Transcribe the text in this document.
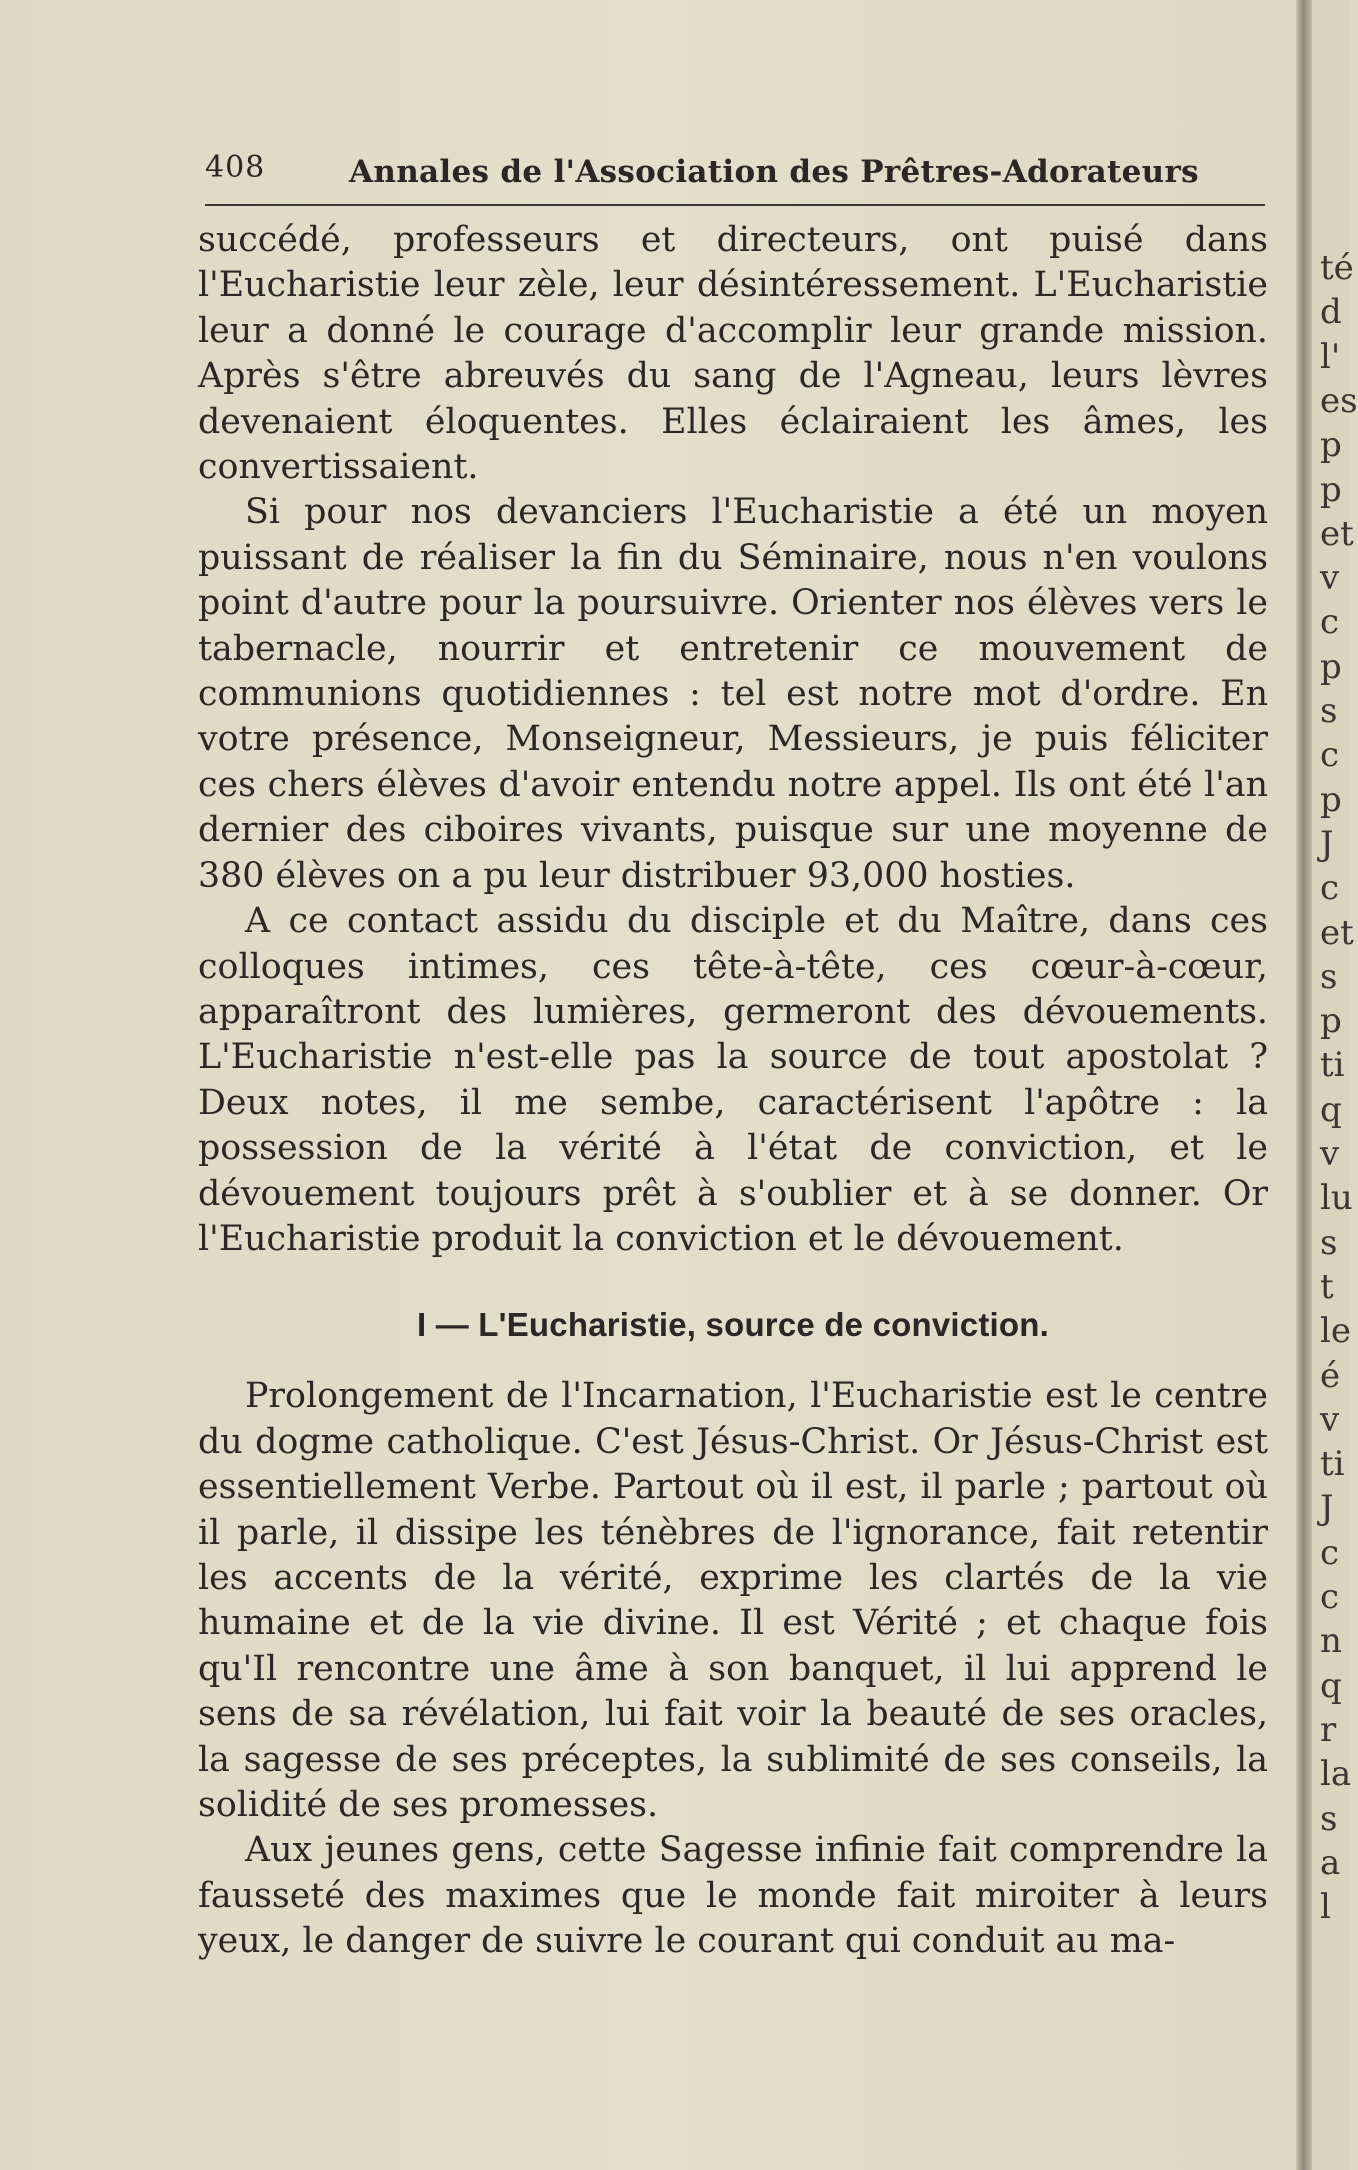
408	Annales de l'Association des Prêtres-Adorateurs

succédé, professeurs et directeurs, ont puisé dans l'Eucharistie leur zèle, leur désintéressement. L'Eucharistie leur a donné le courage d'accomplir leur grande mission. Après s'être abreuvés du sang de l'Agneau, leurs lèvres devenaient éloquentes. Elles éclairaient les âmes, les convertissaient.

Si pour nos devanciers l'Eucharistie a été un moyen puissant de réaliser la fin du Séminaire, nous n'en voulons point d'autre pour la poursuivre. Orienter nos élèves vers le tabernacle, nourrir et entretenir ce mouvement de communions quotidiennes : tel est notre mot d'ordre. En votre présence, Monseigneur, Messieurs, je puis féliciter ces chers élèves d'avoir entendu notre appel. Ils ont été l'an dernier des ciboires vivants, puisque sur une moyenne de 380 élèves on a pu leur distribuer 93,000 hosties.

A ce contact assidu du disciple et du Maître, dans ces colloques intimes, ces tête-à-tête, ces cœur-à-cœur, apparaîtront des lumières, germeront des dévouements. L'Eucharistie n'est-elle pas la source de tout apostolat ? Deux notes, il me sembe, caractérisent l'apôtre : la possession de la vérité à l'état de conviction, et le dévouement toujours prêt à s'oublier et à se donner. Or l'Eucharistie produit la conviction et le dévouement.

I — L'Eucharistie, source de conviction.

Prolongement de l'Incarnation, l'Eucharistie est le centre du dogme catholique. C'est Jésus-Christ. Or Jésus-Christ est essentiellement Verbe. Partout où il est, il parle ; partout où il parle, il dissipe les ténèbres de l'ignorance, fait retentir les accents de la vérité, exprime les clartés de la vie humaine et de la vie divine. Il est Vérité ; et chaque fois qu'Il rencontre une âme à son banquet, il lui apprend le sens de sa révélation, lui fait voir la beauté de ses oracles, la sagesse de ses préceptes, la sublimité de ses conseils, la solidité de ses promesses.

Aux jeunes gens, cette Sagesse infinie fait comprendre la fausseté des maximes que le monde fait miroiter à leurs yeux, le danger de suivre le courant qui conduit au ma-

té
d
l'
es
p
p
et
v
c
p
s
c
p
J
c
et
s
p
ti
q
v
lu
s
t
le
é
v
ti
J
c
c
n
q
r
la
s
a
l
